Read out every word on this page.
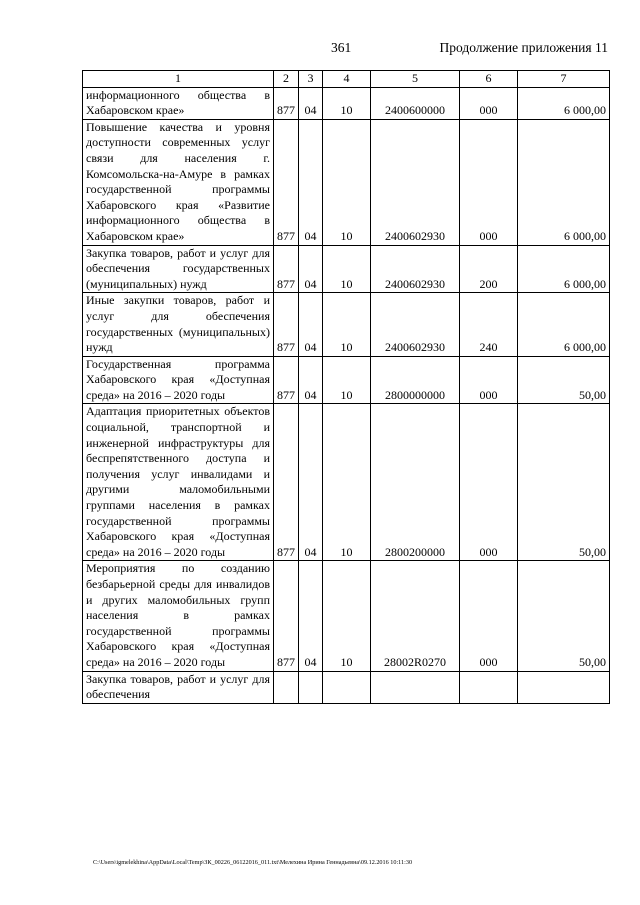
361	Продолжение приложения 11
1	2	3	4	5	6	7
информационного общества в Хабаровском крае»	877	04	10	2400600000	000	6 000,00
Повышение качества и уровня доступности современных услуг связи для населения г. Комсомольска-на-Амуре в рамках государственной программы Хабаровского края «Развитие информационного общества в Хабаровском крае»	877	04	10	2400602930	000	6 000,00
Закупка товаров, работ и услуг для обеспечения государственных (муниципальных) нужд	877	04	10	2400602930	200	6 000,00
Иные закупки товаров, работ и услуг для обеспечения государственных (муниципальных) нужд	877	04	10	2400602930	240	6 000,00
Государственная программа Хабаровского края «Доступная среда» на 2016 – 2020 годы	877	04	10	2800000000	000	50,00
Адаптация приоритетных объектов социальной, транспортной и инженерной инфраструктуры для беспрепятственного доступа и получения услуг инвалидами и другими маломобильными группами населения в рамках государственной программы Хабаровского края «Доступная среда» на 2016 – 2020 годы	877	04	10	2800200000	000	50,00
Мероприятия по созданию безбарьерной среды для инвалидов и других маломобильных групп населения в рамках государственной программы Хабаровского края «Доступная среда» на 2016 – 2020 годы	877	04	10	28002R0270	000	50,00
Закупка товаров, работ и услуг для обеспечения						
C:\Users\igmelekhina\AppData\Local\Temp\ЗК_00226_06122016_011.txt\Мелехина Ирина Геннадьевна\09.12.2016 10:11:30
